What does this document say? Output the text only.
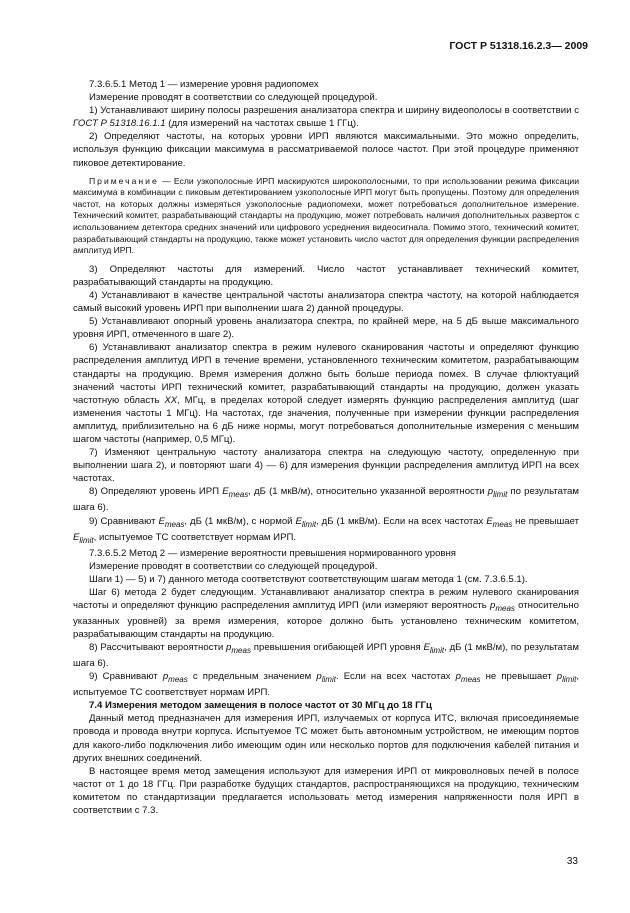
ГОСТ Р 51318.16.2.3— 2009

7.3.6.5.1 Метод 1 — измерение уровня радиопомех

Измерение проводят в соответствии со следующей процедурой.

1) Устанавливают ширину полосы разрешения анализатора спектра и ширину видеополосы в соответствии с ГОСТ Р 51318.16.1.1 (для измерений на частотах свыше 1 ГГц).

2) Определяют частоты, на которых уровни ИРП являются максимальными. Это можно определить, используя функцию фиксации максимума в рассматриваемой полосе частот. При этой процедуре применяют пиковое детектирование.

Примечание — Если узкополосные ИРП маскируются широкополосными, то при использовании режима фиксации максимума в комбинации с пиковым детектированием узкополосные ИРП могут быть пропущены. Поэтому для определения частот, на которых должны измеряться узкополосные радиопомехи, может потребоваться дополнительное измерение. Технический комитет, разрабатывающий стандарты на продукцию, может потребовать наличия дополнительных разверток с использованием детектора средних значений или цифрового усреднения видеосигнала. Помимо этого, технический комитет, разрабатывающий стандарты на продукцию, также может установить число частот для определения функции распределения амплитуд ИРП.

3) Определяют частоты для измерений. Число частот устанавливает технический комитет, разрабатывающий стандарты на продукцию.

4) Устанавливают в качестве центральной частоты анализатора спектра частоту, на которой наблюдается самый высокий уровень ИРП при выполнении шага 2) данной процедуры.

5) Устанавливают опорный уровень анализатора спектра, по крайней мере, на 5 дБ выше максимального уровня ИРП, отмеченного в шаге 2).

6) Устанавливают анализатор спектра в режим нулевого сканирования частоты и определяют функцию распределения амплитуд ИРП в течение времени, установленного техническим комитетом, разрабатывающим стандарты на продукцию. Время измерения должно быть больше периода помех. В случае флюктуаций значений частоты ИРП технический комитет, разрабатывающий стандарты на продукцию, должен указать частотную область XX, МГц, в пределах которой следует измерять функцию распределения амплитуд (шаг изменения частоты 1 МГц). На частотах, где значения, полученные при измерении функции распределения амплитуд, приблизительно на 6 дБ ниже нормы, могут потребоваться дополнительные измерения с меньшим шагом частоты (например, 0,5 МГц).

7) Изменяют центральную частоту анализатора спектра на следующую частоту, определенную при выполнении шага 2), и повторяют шаги 4) — 6) для измерения функции распределения амплитуд ИРП на всех частотах.

8) Определяют уровень ИРП $E_{meas}$, дБ (1 мкВ/м), относительно указанной вероятности $p_{limit}$ по результатам шага 6).

9) Сравнивают $E_{meas}$, дБ (1 мкВ/м), с нормой $E_{limit}$, дБ (1 мкВ/м). Если на всех частотах $E_{meas}$ не превышает $E_{limit}$, испытуемое ТС соответствует нормам ИРП.

7.3.6.5.2 Метод 2 — измерение вероятности превышения нормированного уровня

Измерение проводят в соответствии со следующей процедурой.

Шаги 1) — 5) и 7) данного метода соответствуют соответствующим шагам метода 1 (см. 7.3.6.5.1).

Шаг 6) метода 2 будет следующим. Устанавливают анализатор спектра в режим нулевого сканирования частоты и определяют функцию распределения амплитуд ИРП (или измеряют вероятность $p_{meas}$ относительно указанных уровней) за время измерения, которое должно быть установлено техническим комитетом, разрабатывающим стандарты на продукцию.

8) Рассчитывают вероятности $p_{meas}$ превышения огибающей ИРП уровня $E_{limit}$, дБ (1 мкВ/м), по результатам шага 6).

9) Сравнивают $p_{meas}$ с предельным значением $p_{limit}$. Если на всех частотах $p_{meas}$ не превышает $p_{limit}$, испытуемое ТС соответствует нормам ИРП.

7.4 Измерения методом замещения в полосе частот от 30 МГц до 18 ГГц

Данный метод предназначен для измерения ИРП, излучаемых от корпуса ИТС, включая присоединяемые провода и провода внутри корпуса. Испытуемое ТС может быть автономным устройством, не имеющим портов для какого-либо подключения либо имеющим один или несколько портов для подключения кабелей питания и других внешних соединений.

В настоящее время метод замещения используют для измерения ИРП от микроволновых печей в полосе частот от 1 до 18 ГГц. При разработке будущих стандартов, распространяющихся на продукцию, техническим комитетом по стандартизации предлагается использовать метод измерения напряженности поля ИРП в соответствии с 7.3.

33
